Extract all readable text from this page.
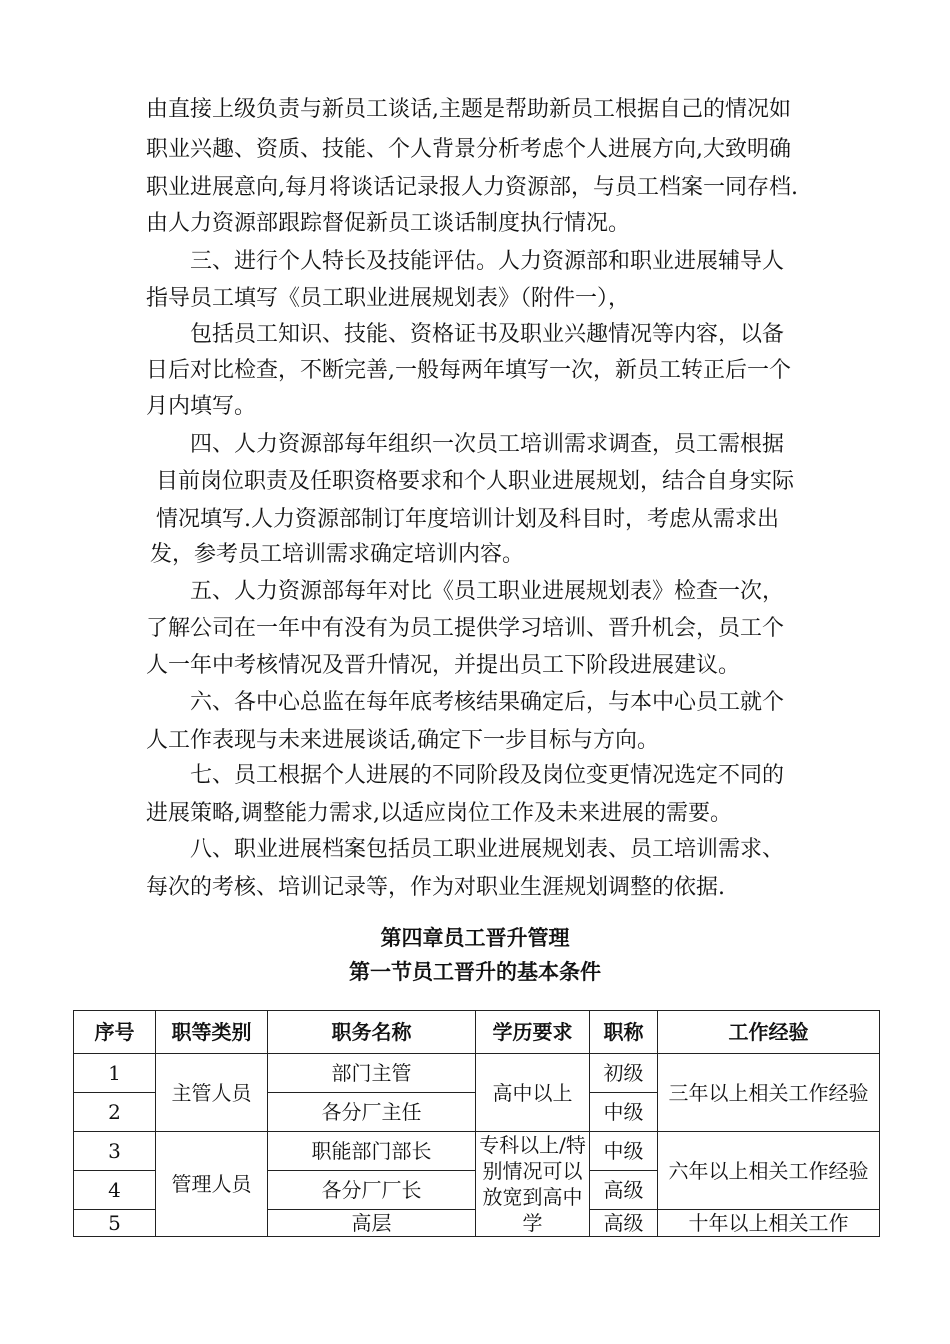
由直接上级负责与新员工谈话,主题是帮助新员工根据自己的情况如
职业兴趣、资质、技能、个人背景分析考虑个人进展方向,大致明确
职业进展意向,每月将谈话记录报人力资源部，与员工档案一同存档.
由人力资源部跟踪督促新员工谈话制度执行情况。
三、进行个人特长及技能评估。人力资源部和职业进展辅导人
指导员工填写《员工职业进展规划表》（附件一），
包括员工知识、技能、资格证书及职业兴趣情况等内容，以备
日后对比检查，不断完善,一般每两年填写一次，新员工转正后一个
月内填写。
四、人力资源部每年组织一次员工培训需求调查，员工需根据
目前岗位职责及任职资格要求和个人职业进展规划，结合自身实际
情况填写.人力资源部制订年度培训计划及科目时，考虑从需求出
发，参考员工培训需求确定培训内容。
五、人力资源部每年对比《员工职业进展规划表》检查一次，
了解公司在一年中有没有为员工提供学习培训、晋升机会，员工个
人一年中考核情况及晋升情况，并提出员工下阶段进展建议。
六、各中心总监在每年底考核结果确定后，与本中心员工就个
人工作表现与未来进展谈话,确定下一步目标与方向。
七、员工根据个人进展的不同阶段及岗位变更情况选定不同的
进展策略,调整能力需求,以适应岗位工作及未来进展的需要。
八、职业进展档案包括员工职业进展规划表、员工培训需求、
每次的考核、培训记录等，作为对职业生涯规划调整的依据.
第四章员工晋升管理
第一节员工晋升的基本条件
序号	职等类别	职务名称	学历要求	职称	工作经验
1	主管人员	部门主管	高中以上	初级	三年以上相关工作经验
2		各分厂主任		中级	
3	管理人员	职能部门部长	专科以上/特别情况可以放宽到高中学	中级	六年以上相关工作经验
4		各分厂厂长		高级	
5		高层		高级	十年以上相关工作
